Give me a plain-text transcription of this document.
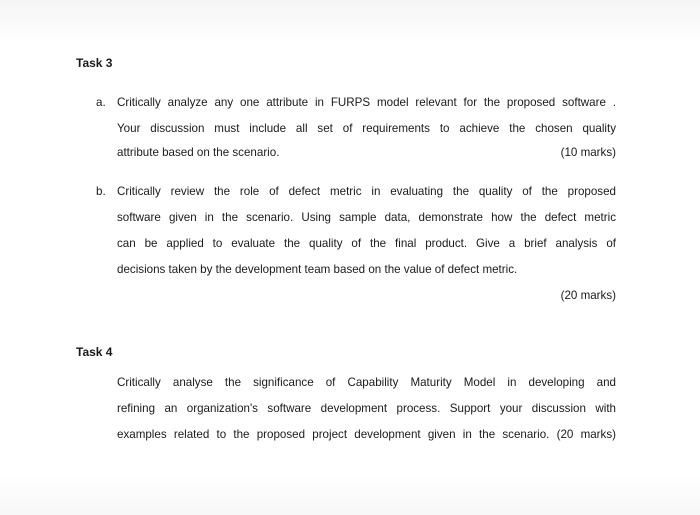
Task 3
a. Critically analyze any one attribute in FURPS model relevant for the proposed software .
Your discussion must include all set of requirements to achieve the chosen quality
attribute based on the scenario.	(10 marks)
b. Critically review the role of defect metric in evaluating the quality of the proposed
software given in the scenario. Using sample data, demonstrate how the defect metric
can be applied to evaluate the quality of the final product. Give a brief analysis of
decisions taken by the development team based on the value of defect metric.
(20 marks)
Task 4
Critically analyse the significance of Capability Maturity Model in developing and
refining an organization's software development process. Support your discussion with
examples related to the proposed project development given in the scenario. (20 marks)
